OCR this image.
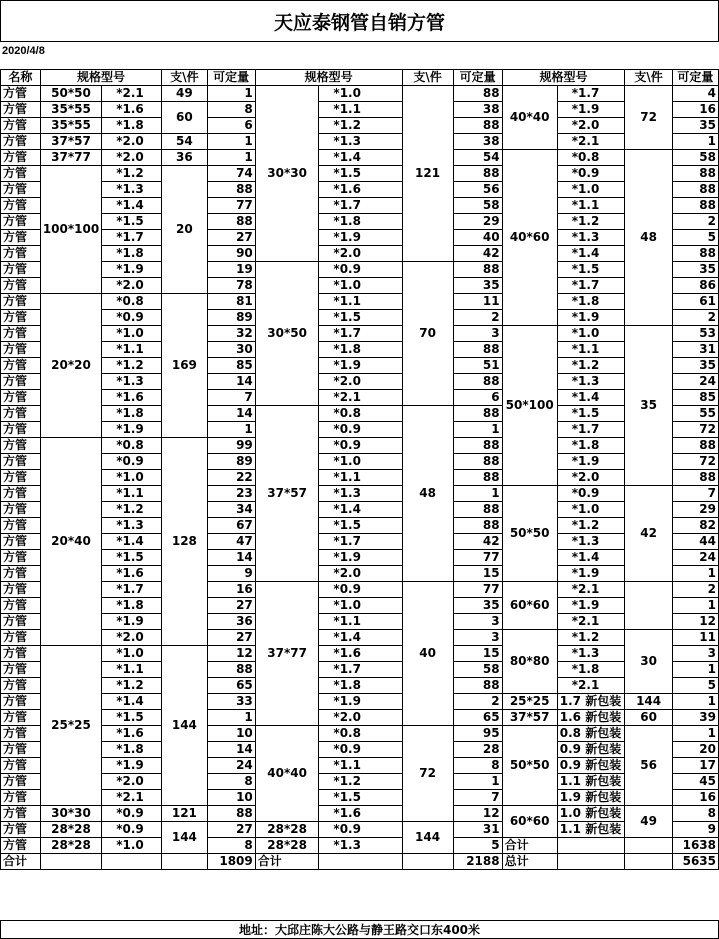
天应泰钢管自销方管
2020/4/8
名称	规格型号		支\件	可定量	规格型号		支\件	可定量	规格型号		支\件	可定量
方管	50*50	*2.1	49	1	30*30	*1.0	121	88	40*40	*1.7	72	4
方管	35*55	*1.6	60	8		*1.1		38		*1.9		16
方管	35*55	*1.8		6		*1.2		88		*2.0		35
方管	37*57	*2.0	54	1		*1.3		38		*2.1		1
方管	37*77	*2.0	36	1		*1.4		54	40*60	*0.8	48	58
方管	100*100	*1.2	20	74		*1.5		88		*0.9		88
方管		*1.3		88		*1.6		56		*1.0		88
方管		*1.4		77		*1.7		58		*1.1		88
方管		*1.5		88		*1.8		29		*1.2		2
方管		*1.7		27		*1.9		40		*1.3		5
方管		*1.8		90		*2.0		42		*1.4		88
方管		*1.9		19	30*50	*0.9	70	88		*1.5		35
方管		*2.0		78		*1.0		35		*1.7		86
方管	20*20	*0.8	169	81		*1.1		11		*1.8		61
方管		*0.9		89		*1.5		2		*1.9		2
方管		*1.0		32		*1.7		3	50*100	*1.0	35	53
方管		*1.1		30		*1.8		88		*1.1		31
方管		*1.2		85		*1.9		51		*1.2		35
方管		*1.3		14		*2.0		88		*1.3		24
方管		*1.6		7		*2.1		6		*1.4		85
方管		*1.8		14	37*57	*0.8	48	88		*1.5		55
方管		*1.9		1		*0.9		1		*1.7		72
方管	20*40	*0.8	128	99		*0.9		88		*1.8		88
方管		*0.9		89		*1.0		88		*1.9		72
方管		*1.0		22		*1.1		88		*2.0		88
方管		*1.1		23		*1.3		1	50*50	*0.9	42	7
方管		*1.2		34		*1.4		88		*1.0		29
方管		*1.3		67		*1.5		88		*1.2		82
方管		*1.4		47		*1.7		42		*1.3		44
方管		*1.5		14		*1.9		77		*1.4		24
方管		*1.6		9		*2.0		15		*1.9		1
方管		*1.7		16	37*77	*0.9	40	77	60*60	*2.1		2
方管		*1.8		27		*1.0		35		*1.9		1
方管		*1.9		36		*1.1		3		*2.1		12
方管		*2.0		27		*1.4		3	80*80	*1.2	30	11
方管	25*25	*1.0	144	12		*1.6		15		*1.3		3
方管		*1.1		88		*1.7		58		*1.8		1
方管		*1.2		65		*1.8		88		*2.1		5
方管		*1.4		33		*1.9		2	25*25	1.7 新包装	144	1
方管		*1.5		1		*2.0		65	37*57	1.6 新包装	60	39
方管		*1.6		10	40*40	*0.8	72	95	50*50	0.8 新包装	56	1
方管		*1.8		14		*0.9		28		0.9 新包装		20
方管		*1.9		24		*1.1		8		0.9 新包装		17
方管		*2.0		8		*1.2		1		1.1 新包装		45
方管		*2.1		10		*1.5		7		1.9 新包装		16
方管	30*30	*0.9	121	88		*1.6		12	60*60	1.0 新包装	49	8
方管	28*28	*0.9	144	27	28*28	*0.9	144	31		1.1 新包装		9
方管	28*28	*1.0		8	28*28	*1.3		5	合计			1638
合计				1809	合计			2188	总计			5635
地址：大邱庄陈大公路与静王路交口东400米
